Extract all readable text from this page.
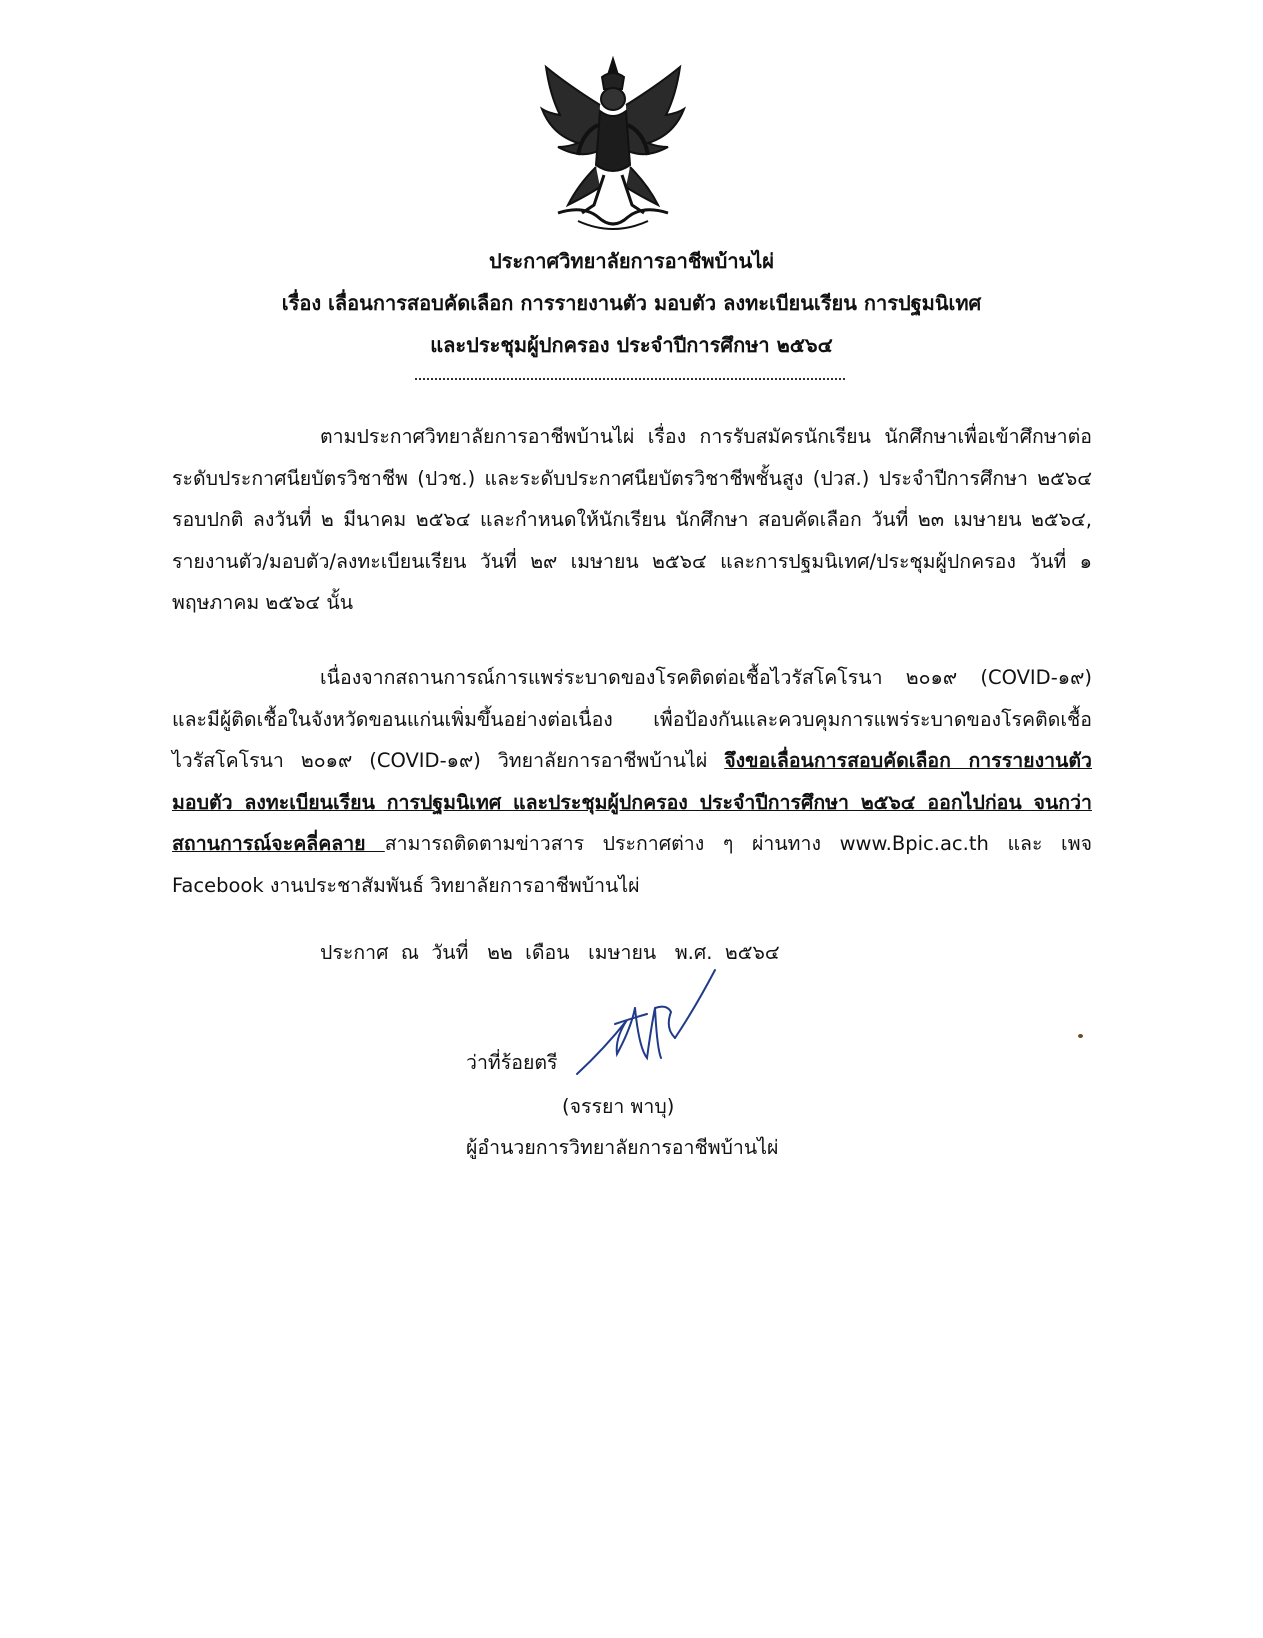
ประกาศวิทยาลัยการอาชีพบ้านไผ่
เรื่อง เลื่อนการสอบคัดเลือก การรายงานตัว มอบตัว ลงทะเบียนเรียน การปฐมนิเทศ
และประชุมผู้ปกครอง ประจำปีการศึกษา ๒๕๖๔
ตามประกาศวิทยาลัยการอาชีพบ้านไผ่ เรื่อง การรับสมัครนักเรียน นักศึกษาเพื่อเข้าศึกษาต่อระดับประกาศนียบัตรวิชาชีพ (ปวช.) และระดับประกาศนียบัตรวิชาชีพชั้นสูง (ปวส.) ประจำปีการศึกษา ๒๕๖๔ รอบปกติ ลงวันที่ ๒ มีนาคม ๒๕๖๔ และกำหนดให้นักเรียน นักศึกษา สอบคัดเลือก วันที่ ๒๓ เมษายน ๒๕๖๔, รายงานตัว/มอบตัว/ลงทะเบียนเรียน วันที่ ๒๙ เมษายน ๒๕๖๔ และการปฐมนิเทศ/ประชุมผู้ปกครอง วันที่ ๑ พฤษภาคม ๒๕๖๔ นั้น
เนื่องจากสถานการณ์การแพร่ระบาดของโรคติดต่อเชื้อไวรัสโคโรนา ๒๐๑๙ (COVID-๑๙) และมีผู้ติดเชื้อในจังหวัดขอนแก่นเพิ่มขึ้นอย่างต่อเนื่อง เพื่อป้องกันและควบคุมการแพร่ระบาดของโรคติดเชื้อไวรัสโคโรนา ๒๐๑๙ (COVID-๑๙) วิทยาลัยการอาชีพบ้านไผ่ จึงขอเลื่อนการสอบคัดเลือก การรายงานตัว มอบตัว ลงทะเบียนเรียน การปฐมนิเทศ และประชุมผู้ปกครอง ประจำปีการศึกษา ๒๕๖๔ ออกไปก่อน จนกว่าสถานการณ์จะคลี่คลาย สามารถติดตามข่าวสาร ประกาศต่าง ๆ ผ่านทาง www.Bpic.ac.th และ เพจ Facebook งานประชาสัมพันธ์ วิทยาลัยการอาชีพบ้านไผ่
ประกาศ  ณ  วันที่   ๒๒  เดือน   เมษายน   พ.ศ.  ๒๕๖๔
ว่าที่ร้อยตรี
(จรรยา พาบุ)
ผู้อำนวยการวิทยาลัยการอาชีพบ้านไผ่
